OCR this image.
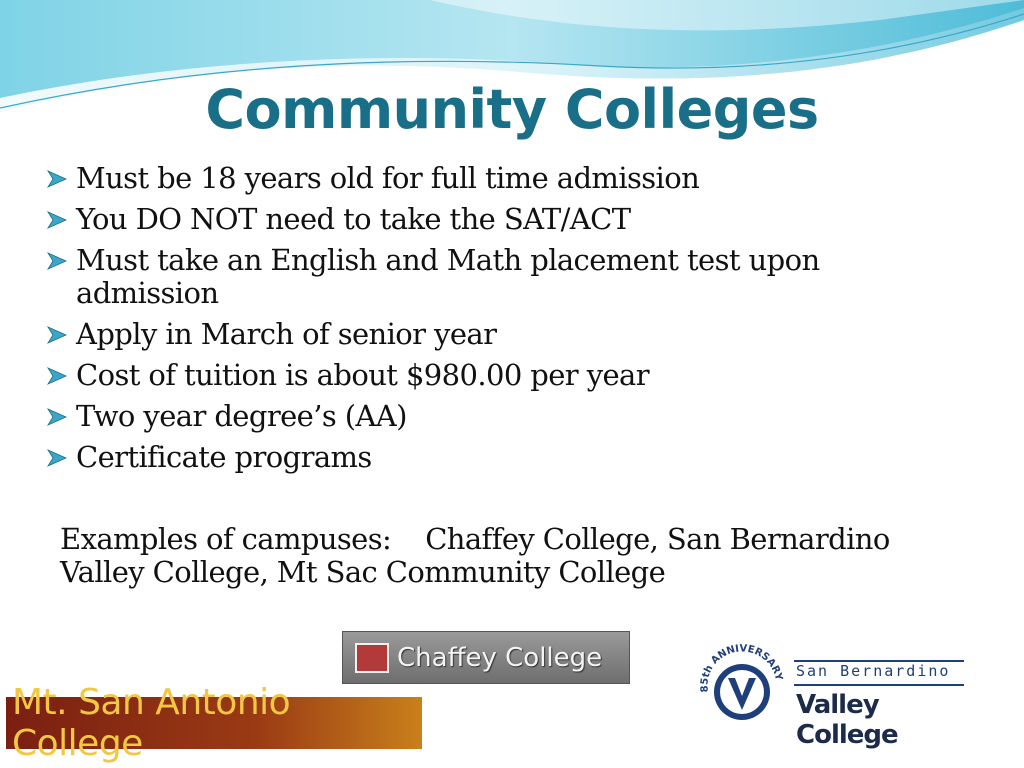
Community Colleges
Must be 18 years old for full time admission
You DO NOT need to take the SAT/ACT
Must take an English and Math placement test upon admission
Apply in March of senior year
Cost of tuition is about $980.00 per year
Two year degree’s (AA)
Certificate programs
Examples of campuses: Chaffey College, San Bernardino Valley College, Mt Sac Community College
Chaffey College
Mt. San Antonio College
85th ANNIVERSARY San Bernardino
Valley College
